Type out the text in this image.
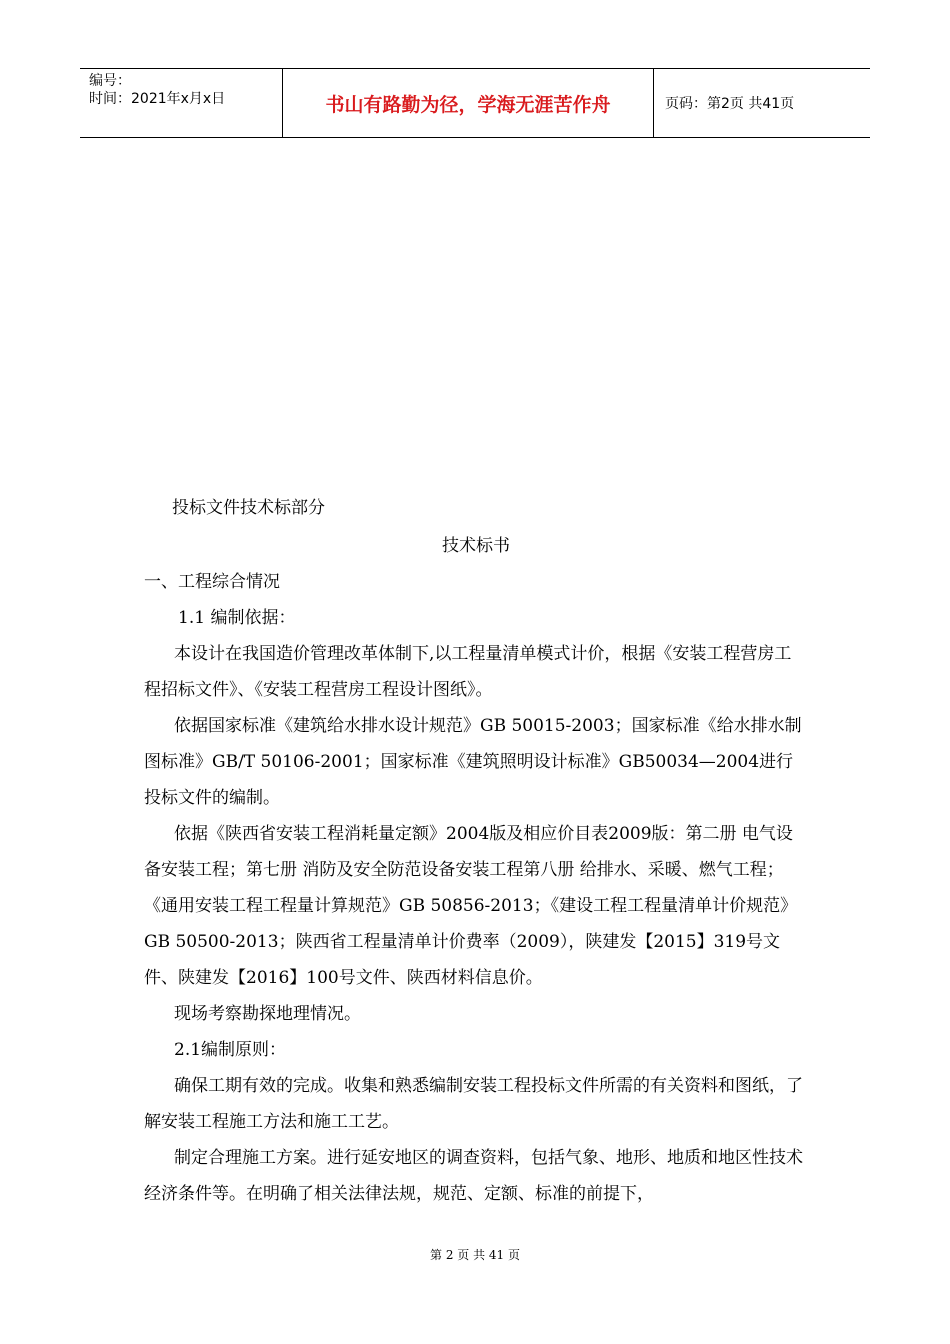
编号：
时间：2021年x月x日	书山有路勤为径，学海无涯苦作舟	页码：第2页 共41页

投标文件技术标部分

技术标书

一、工程综合情况

1.1 编制依据：

本设计在我国造价管理改革体制下,以工程量清单模式计价，根据《安装工程营房工程招标文件》、《安装工程营房工程设计图纸》。

依据国家标准《建筑给水排水设计规范》GB 50015-2003；国家标准《给水排水制图标准》GB/T 50106-2001；国家标准《建筑照明设计标准》GB50034—2004进行投标文件的编制。

依据《陕西省安装工程消耗量定额》2004版及相应价目表2009版：第二册 电气设备安装工程；第七册 消防及安全防范设备安装工程第八册 给排水、采暖、燃气工程；《通用安装工程工程量计算规范》GB 50856-2013；《建设工程工程量清单计价规范》GB 50500-2013；陕西省工程量清单计价费率（2009），陕建发【2015】319号文件、陕建发【2016】100号文件、陕西材料信息价。

现场考察勘探地理情况。

2.1编制原则：

确保工期有效的完成。收集和熟悉编制安装工程投标文件所需的有关资料和图纸，了解安装工程施工方法和施工工艺。

制定合理施工方案。进行延安地区的调查资料，包括气象、地形、地质和地区性技术经济条件等。在明确了相关法律法规，规范、定额、标准的前提下，

第 2 页 共 41 页
